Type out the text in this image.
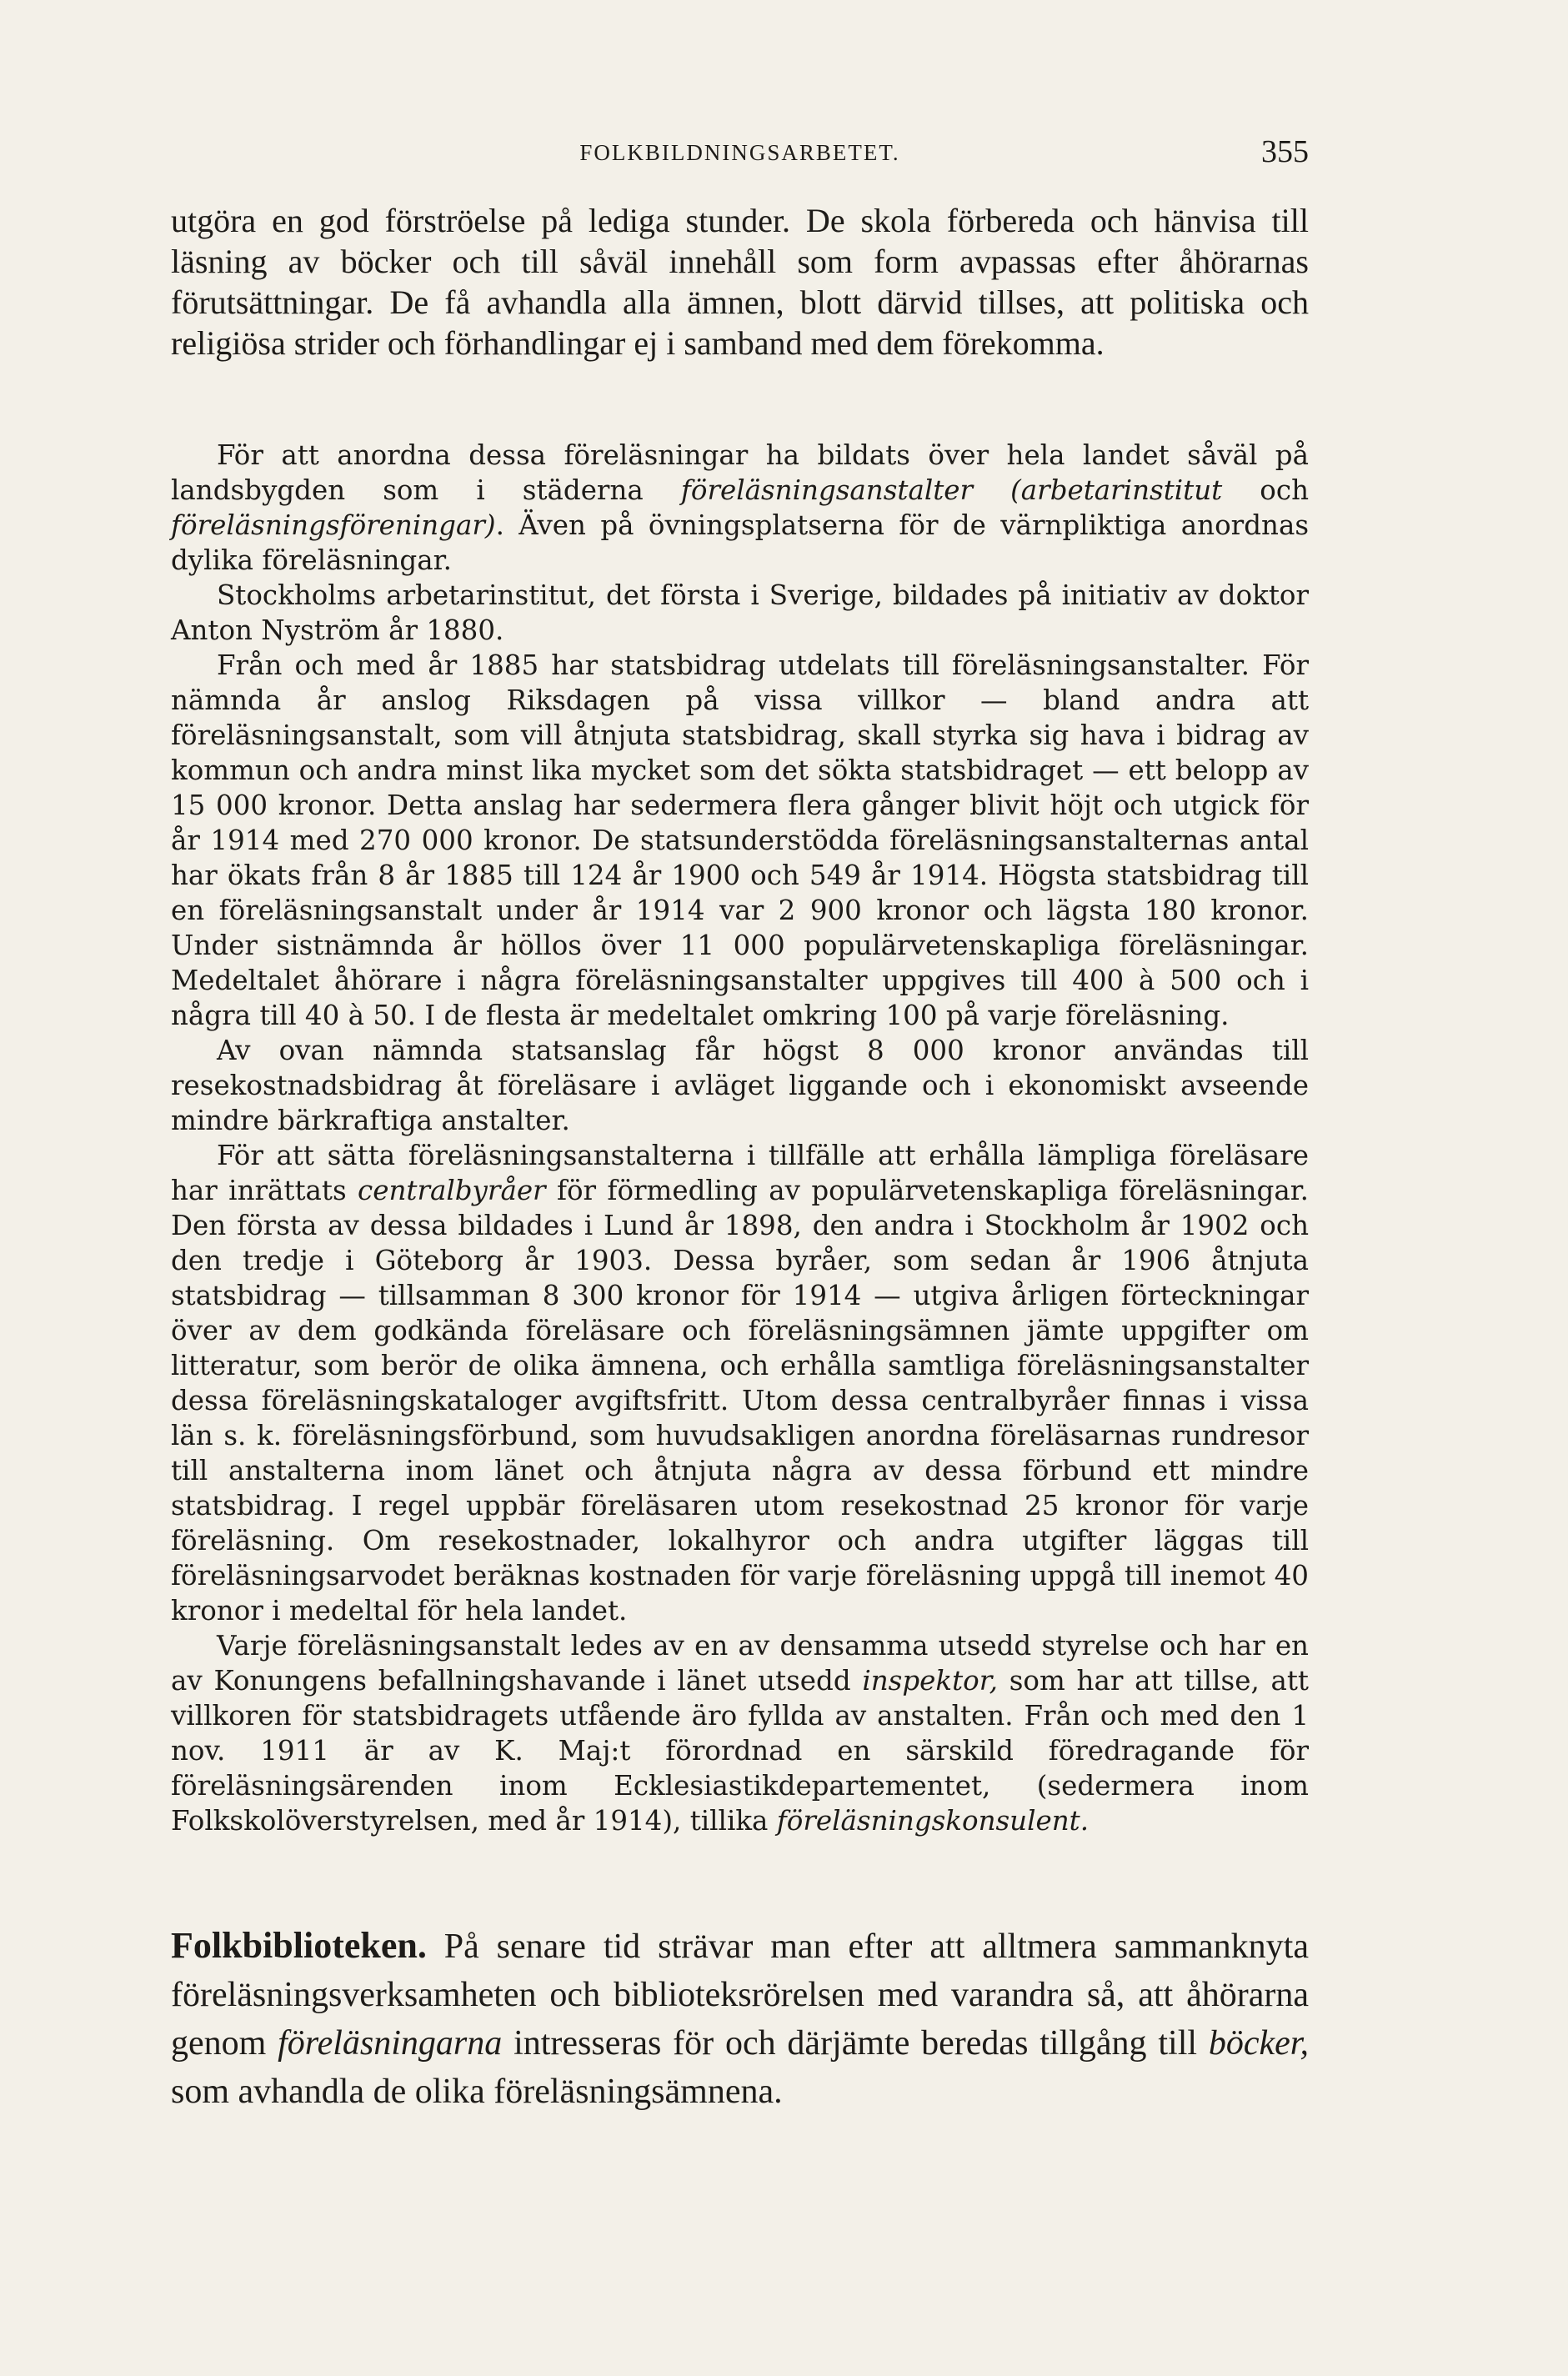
FOLKBILDNINGSARBETET.	355

utgöra en god förströelse på lediga stunder. De skola förbereda och hänvisa till läsning av böcker och till såväl innehåll som form avpassas efter åhörarnas förutsättningar. De få avhandla alla ämnen, blott därvid tillses, att politiska och religiösa strider och förhandlingar ej i samband med dem förekomma.

För att anordna dessa föreläsningar ha bildats över hela landet såväl på landsbygden som i städerna föreläsningsanstalter (arbetarinstitut och föreläsningsföreningar). Även på övningsplatserna för de värnpliktiga anordnas dylika föreläsningar.

Stockholms arbetarinstitut, det första i Sverige, bildades på initiativ av doktor Anton Nyström år 1880.

Från och med år 1885 har statsbidrag utdelats till föreläsningsanstalter. För nämnda år anslog Riksdagen på vissa villkor — bland andra att föreläsningsanstalt, som vill åtnjuta statsbidrag, skall styrka sig hava i bidrag av kommun och andra minst lika mycket som det sökta statsbidraget — ett belopp av 15 000 kronor. Detta anslag har sedermera flera gånger blivit höjt och utgick för år 1914 med 270 000 kronor. De statsunderstödda föreläsningsanstalternas antal har ökats från 8 år 1885 till 124 år 1900 och 549 år 1914. Högsta statsbidrag till en föreläsningsanstalt under år 1914 var 2 900 kronor och lägsta 180 kronor. Under sistnämnda år höllos över 11 000 populärvetenskapliga föreläsningar. Medeltalet åhörare i några föreläsningsanstalter uppgives till 400 à 500 och i några till 40 à 50. I de flesta är medeltalet omkring 100 på varje föreläsning.

Av ovan nämnda statsanslag får högst 8 000 kronor användas till resekostnadsbidrag åt föreläsare i avläget liggande och i ekonomiskt avseende mindre bärkraftiga anstalter.

För att sätta föreläsningsanstalterna i tillfälle att erhålla lämpliga föreläsare har inrättats centralbyråer för förmedling av populärvetenskapliga föreläsningar. Den första av dessa bildades i Lund år 1898, den andra i Stockholm år 1902 och den tredje i Göteborg år 1903. Dessa byråer, som sedan år 1906 åtnjuta statsbidrag — tillsamman 8 300 kronor för 1914 — utgiva årligen förteckningar över av dem godkända föreläsare och föreläsningsämnen jämte uppgifter om litteratur, som berör de olika ämnena, och erhålla samtliga föreläsningsanstalter dessa föreläsningskataloger avgiftsfritt. Utom dessa centralbyråer finnas i vissa län s. k. föreläsningsförbund, som huvudsakligen anordna föreläsarnas rundresor till anstalterna inom länet och åtnjuta några av dessa förbund ett mindre statsbidrag. I regel uppbär föreläsaren utom resekostnad 25 kronor för varje föreläsning. Om resekostnader, lokalhyror och andra utgifter läggas till föreläsningsarvodet beräknas kostnaden för varje föreläsning uppgå till inemot 40 kronor i medeltal för hela landet.

Varje föreläsningsanstalt ledes av en av densamma utsedd styrelse och har en av Konungens befallningshavande i länet utsedd inspektor, som har att tillse, att villkoren för statsbidragets utfående äro fyllda av anstalten. Från och med den 1 nov. 1911 är av K. Maj:t förordnad en särskild föredragande för föreläsningsärenden inom Ecklesiastikdepartementet, (sedermera inom Folkskolöverstyrelsen, med år 1914), tillika föreläsningskonsulent.

Folkbiblioteken. På senare tid strävar man efter att alltmera sammanknyta föreläsningsverksamheten och biblioteksrörelsen med varandra så, att åhörarna genom föreläsningarna intresseras för och därjämte beredas tillgång till böcker, som avhandla de olika föreläsningsämnena.
